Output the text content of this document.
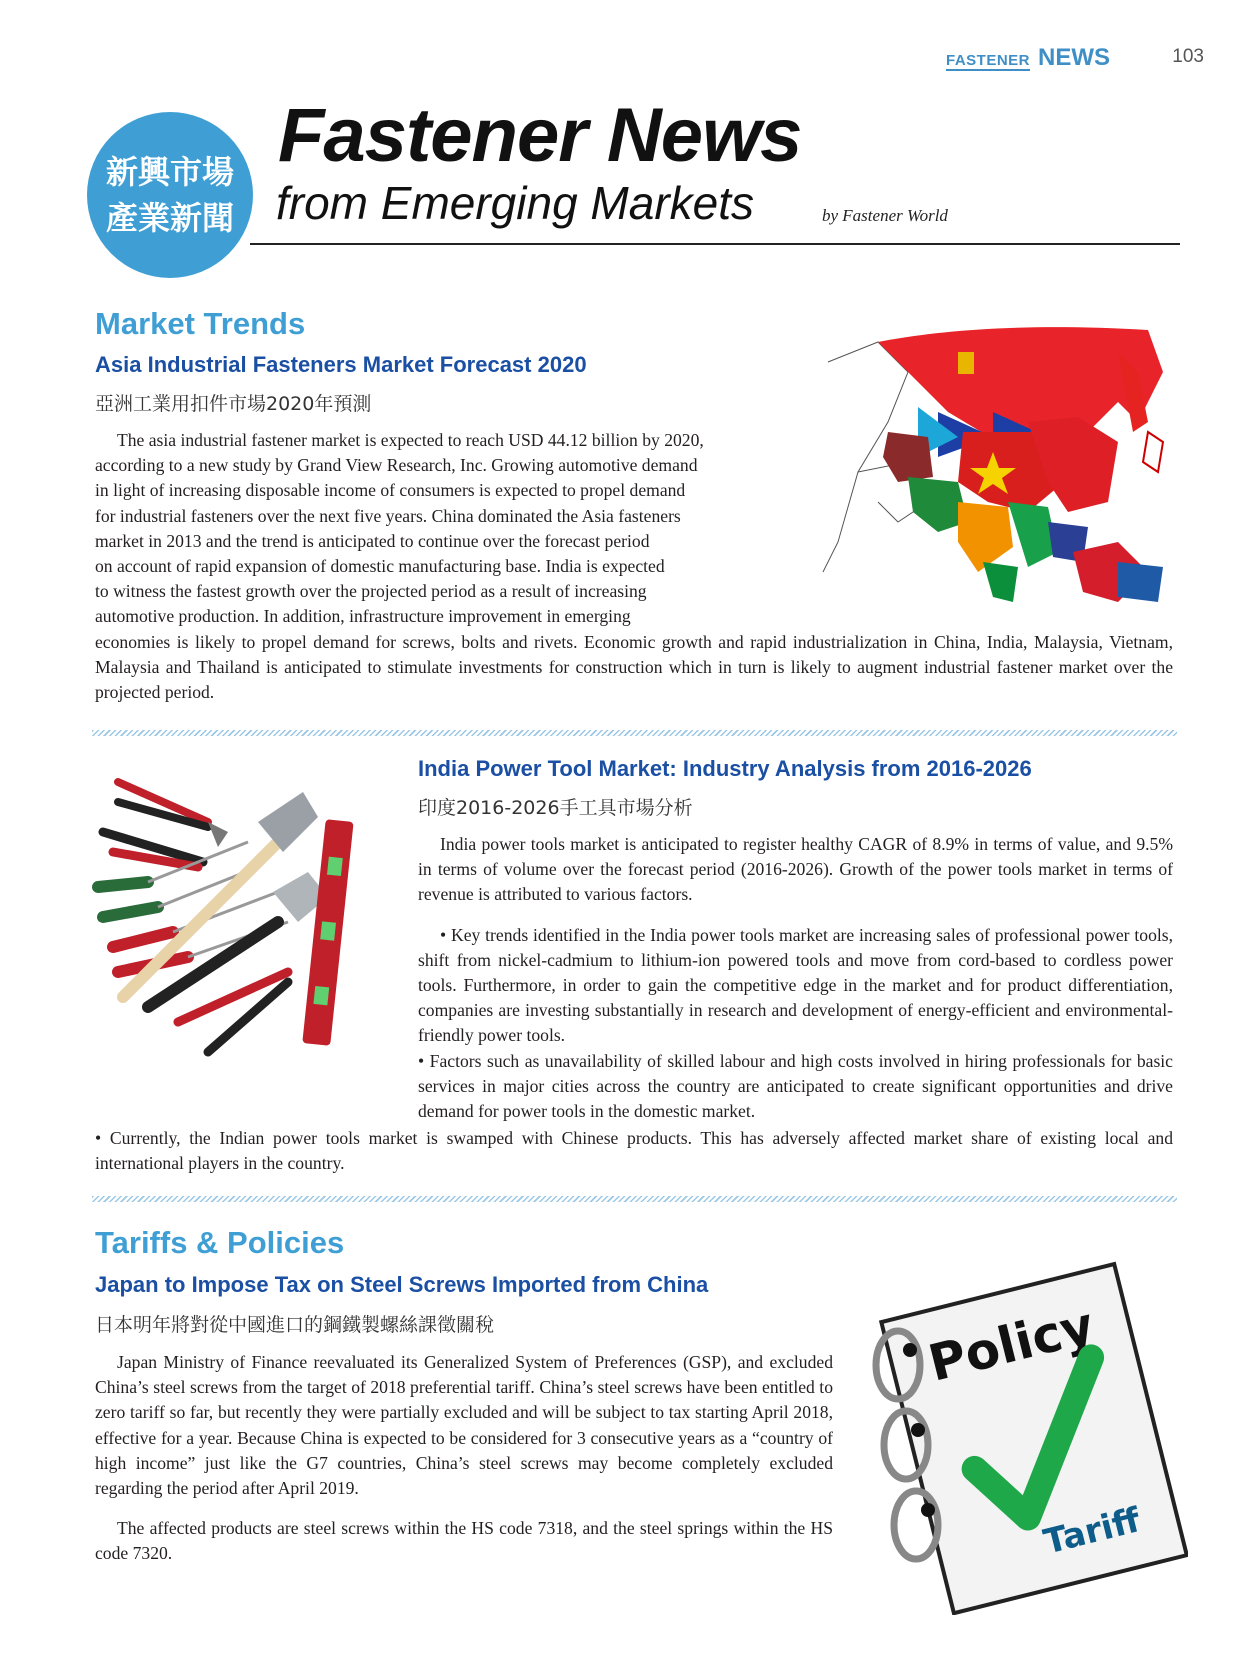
FASTENER NEWS	103
新興市場
產業新聞
Fastener News
from Emerging Markets	by Fastener World
Market Trends
Asia Industrial Fasteners Market Forecast 2020
亞洲工業用扣件市場2020年預測

The asia industrial fastener market is expected to reach USD 44.12 billion by 2020,

according to a new study by Grand View Research, Inc. Growing automotive demand

in light of increasing disposable income of consumers is expected to propel demand

for industrial fasteners over the next five years. China dominated the Asia fasteners

market in 2013 and the trend is anticipated to continue over the forecast period

on account of rapid expansion of domestic manufacturing base. India is expected

to witness the fastest growth over the projected period as a result of increasing

automotive production. In addition, infrastructure improvement in emerging

economies is likely to propel demand for screws, bolts and rivets. Economic growth and rapid industrialization in China, India, Malaysia, Vietnam, Malaysia and Thailand is anticipated to stimulate investments for construction which in turn is likely to augment industrial fastener market over the projected period.
India Power Tool Market: Industry Analysis from 2016-2026
印度2016-2026手工具市場分析

India power tools market is anticipated to register healthy CAGR of 8.9% in terms of value, and 9.5% in terms of volume over the forecast period (2016-2026). Growth of the power tools market in terms of revenue is attributed to various factors.

• Key trends identified in the India power tools market are increasing sales of professional power tools, shift from nickel-cadmium to lithium-ion powered tools and move from cord-based to cordless power tools. Furthermore, in order to gain the competitive edge in the market and for product differentiation, companies are investing substantially in research and development of energy-efficient and environmental-friendly power tools.

• Factors such as unavailability of skilled labour and high costs involved in hiring professionals for basic services in major cities across the country are anticipated to create significant opportunities and drive demand for power tools in the domestic market.

• Currently, the Indian power tools market is swamped with Chinese products. This has adversely affected market share of existing local and international players in the country.
Tariffs & Policies
Japan to Impose Tax on Steel Screws Imported from China
日本明年將對從中國進口的鋼鐵製螺絲課徵關稅

Japan Ministry of Finance reevaluated its Generalized System of Preferences (GSP), and excluded China’s steel screws from the target of 2018 preferential tariff. China’s steel screws have been entitled to zero tariff so far, but recently they were partially excluded and will be subject to tax starting April 2018, effective for a year. Because China is expected to be considered for 3 consecutive years as a “country of high income” just like the G7 countries, China’s steel screws may become completely excluded regarding the period after April 2019.

The affected products are steel screws within the HS code 7318, and the steel springs within the HS code 7320.

Policy
Tariff
